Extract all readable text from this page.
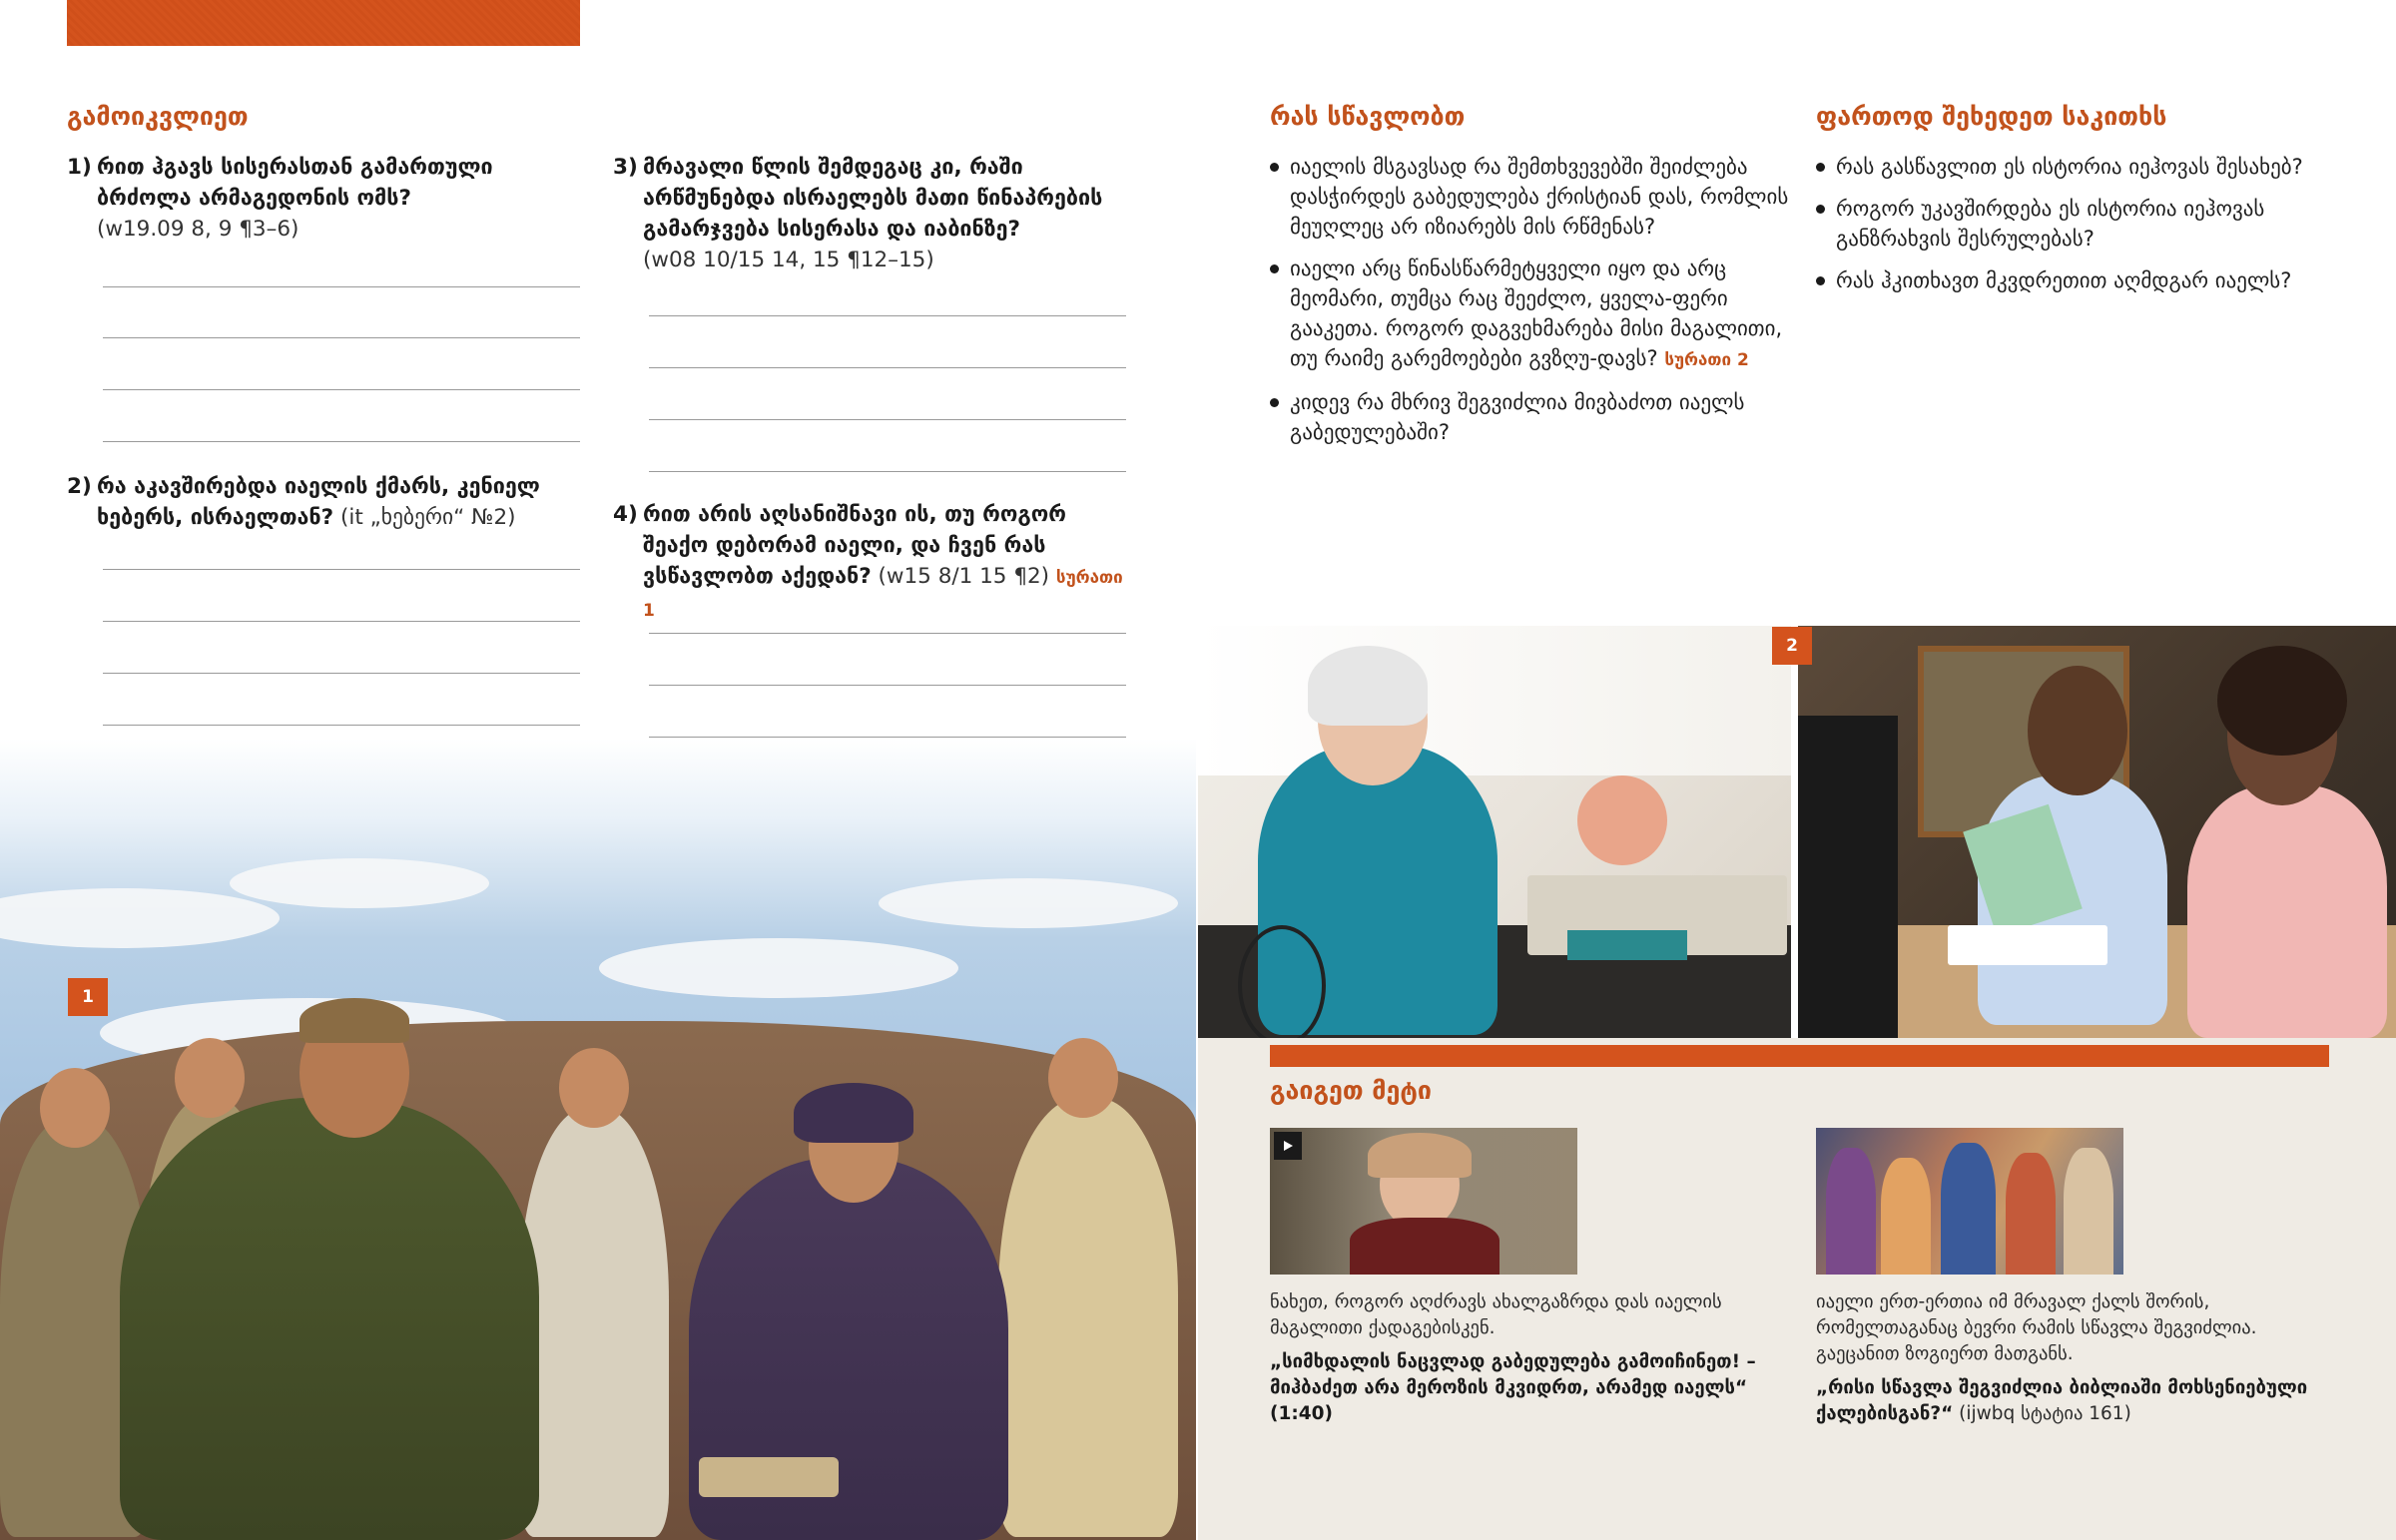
გამოიკვლიეთ
1) რით ჰგავს სისერასთან გამართული ბრძოლა არმაგედონის ომს?
(w19.09 8, 9 ¶3–6)
2) რა აკავშირებდა იაელის ქმარს, კენიელ ხებერს, ისრაელთან? (it „ხებერი“ №2)
3) მრავალი წლის შემდეგაც კი, რაში არწმუნებდა ისრაელებს მათი წინაპრების გამარჯვება სისერასა და იაბინზე?
(w08 10/15 14, 15 ¶12–15)
4) რით არის აღსანიშნავი ის, თუ როგორ შეაქო დებორამ იაელი, და ჩვენ რას ვსწავლობთ აქედან? (w15 8/1 15 ¶2) სურათი 1
რას სწავლობთ
იაელის მსგავსად რა შემთხვევებში შეიძლება დასჭირდეს გაბედულება ქრისტიან დას, რომლის მეუღლეც არ იზიარებს მის რწმენას?
იაელი არც წინასწარმეტყველი იყო და არც მეომარი, თუმცა რაც შეეძლო, ყველა-ფერი გააკეთა. როგორ დაგვეხმარება მისი მაგალითი, თუ რაიმე გარემოებები გვზღუ-დავს? სურათი 2
კიდევ რა მხრივ შეგვიძლია მივბაძოთ იაელს გაბედულებაში?
ფართოდ შეხედეთ საკითხს
რას გასწავლით ეს ისტორია იეჰოვას შესახებ?
როგორ უკავშირდება ეს ისტორია იეჰოვას განზრახვის შესრულებას?
რას ჰკითხავთ მკვდრეთით აღმდგარ იაელს?
1
2
გაიგეთ მეტი
ნახეთ, როგორ აღძრავს ახალგაზრდა დას იაელის მაგალითი ქადაგებისკენ.
„სიმხდალის ნაცვლად გაბედულება გამოიჩინეთ! – მიჰბაძეთ არა მეროზის მკვიდრთ, არამედ იაელს“ (1:40)
იაელი ერთ-ერთია იმ მრავალ ქალს შორის, რომელთაგანაც ბევრი რამის სწავლა შეგვიძლია. გაეცანით ზოგიერთ მათგანს.
„რისი სწავლა შეგვიძლია ბიბლიაში მოხსენიებული ქალებისგან?“ (ijwbq სტატია 161)
